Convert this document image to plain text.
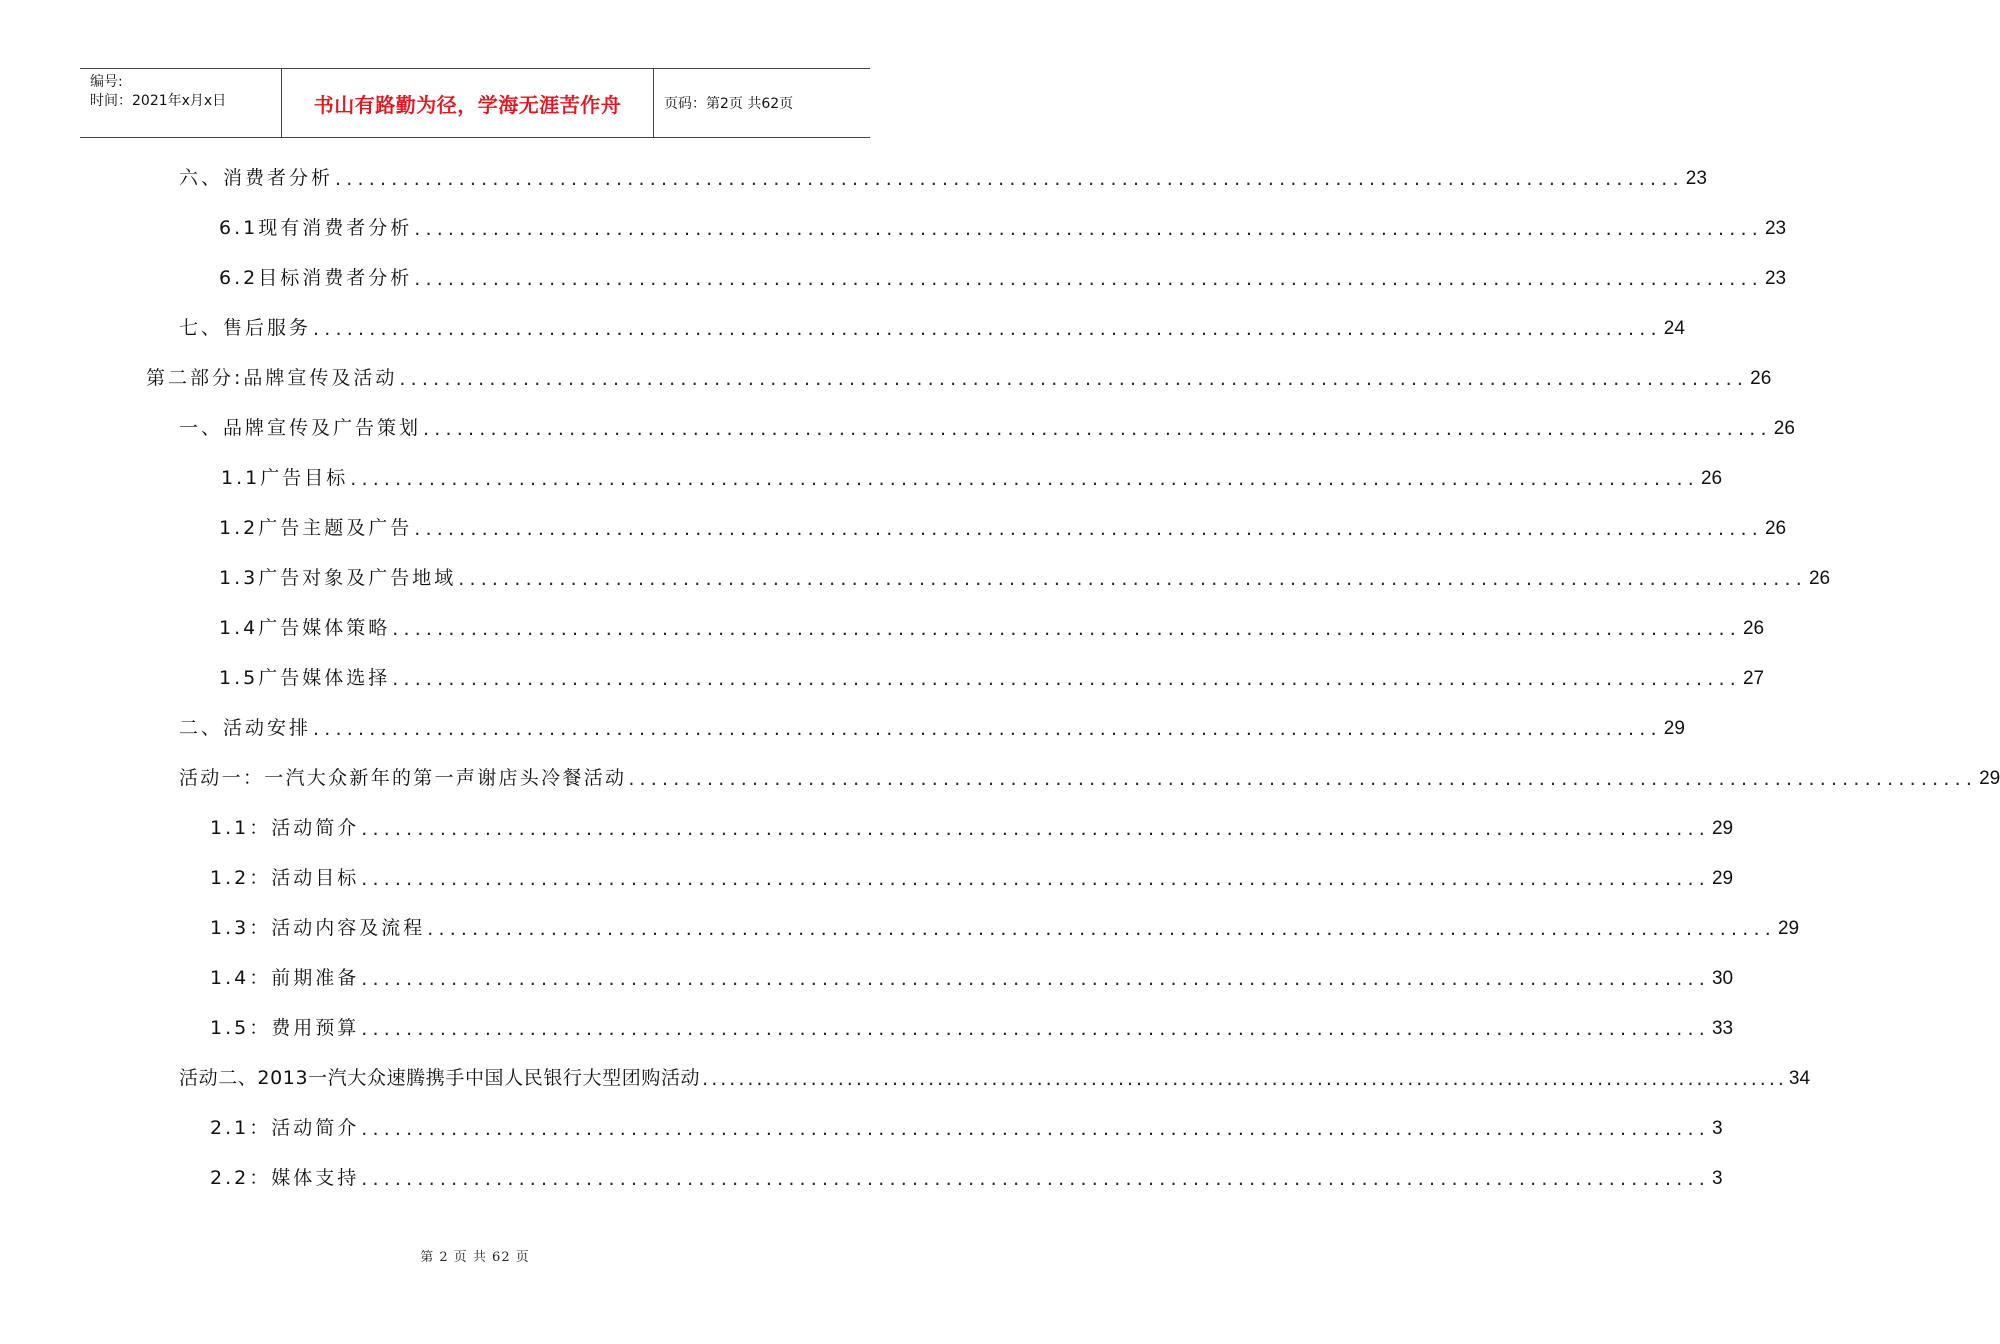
编号:
时间：2021年x月x日	书山有路勤为径，学海无涯苦作舟	页码：第2页 共62页
六、消费者分析 ........................................................................................................................ 23
6.1现有消费者分析 ........................................................................................................................ 23
6.2目标消费者分析 ........................................................................................................................ 23
七、售后服务 ........................................................................................................................ 24
第二部分:品牌宣传及活动 ........................................................................................................................ 26
一、品牌宣传及广告策划 ........................................................................................................................ 26
1.1广告目标 ........................................................................................................................ 26
1.2广告主题及广告 ........................................................................................................................ 26
1.3广告对象及广告地域 ........................................................................................................................ 26
1.4广告媒体策略 ........................................................................................................................ 26
1.5广告媒体选择 ........................................................................................................................ 27
二、活动安排 ........................................................................................................................ 29
活动一：一汽大众新年的第一声谢店头冷餐活动 ........................................................................................................................ 29
1.1：活动简介 ........................................................................................................................ 29
1.2：活动目标 ........................................................................................................................ 29
1.3：活动内容及流程 ........................................................................................................................ 29
1.4：前期准备 ........................................................................................................................ 30
1.5：费用预算 ........................................................................................................................ 33
活动二、2013一汽大众速腾携手中国人民银行大型团购活动 ........................................................................................................................ 34
2.1：活动简介 ........................................................................................................................ 3
2.2：媒体支持 ........................................................................................................................ 3
第 2 页 共 62 页
